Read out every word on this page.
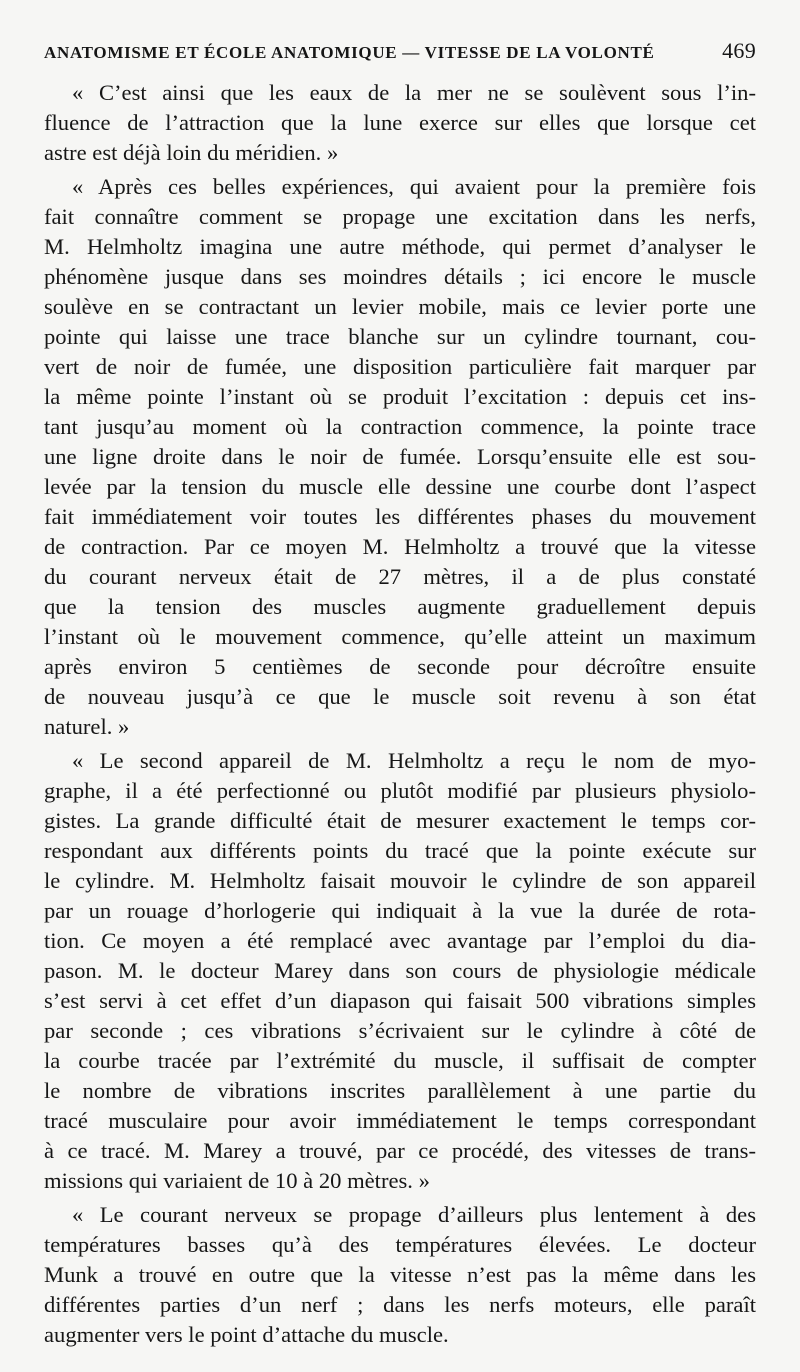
ANATOMISME ET ÉCOLE ANATOMIQUE — VITESSE DE LA VOLONTÉ	469
« C’est ainsi que les eaux de la mer ne se soulèvent sous l’in-
fluence de l’attraction que la lune exerce sur elles que lorsque cet
astre est déjà loin du méridien. »
« Après ces belles expériences, qui avaient pour la première fois
fait connaître comment se propage une excitation dans les nerfs,
M. Helmholtz imagina une autre méthode, qui permet d’analyser le
phénomène jusque dans ses moindres détails ; ici encore le muscle
soulève en se contractant un levier mobile, mais ce levier porte une
pointe qui laisse une trace blanche sur un cylindre tournant, cou-
vert de noir de fumée, une disposition particulière fait marquer par
la même pointe l’instant où se produit l’excitation : depuis cet ins-
tant jusqu’au moment où la contraction commence, la pointe trace
une ligne droite dans le noir de fumée. Lorsqu’ensuite elle est sou-
levée par la tension du muscle elle dessine une courbe dont l’aspect
fait immédiatement voir toutes les différentes phases du mouvement
de contraction. Par ce moyen M. Helmholtz a trouvé que la vitesse
du courant nerveux était de 27 mètres, il a de plus constaté
que la tension des muscles augmente graduellement depuis
l’instant où le mouvement commence, qu’elle atteint un maximum
après environ 5 centièmes de seconde pour décroître ensuite
de nouveau jusqu’à ce que le muscle soit revenu à son état
naturel. »
« Le second appareil de M. Helmholtz a reçu le nom de myo-
graphe, il a été perfectionné ou plutôt modifié par plusieurs physiolo-
gistes. La grande difficulté était de mesurer exactement le temps cor-
respondant aux différents points du tracé que la pointe exécute sur
le cylindre. M. Helmholtz faisait mouvoir le cylindre de son appareil
par un rouage d’horlogerie qui indiquait à la vue la durée de rota-
tion. Ce moyen a été remplacé avec avantage par l’emploi du dia-
pason. M. le docteur Marey dans son cours de physiologie médicale
s’est servi à cet effet d’un diapason qui faisait 500 vibrations simples
par seconde ; ces vibrations s’écrivaient sur le cylindre à côté de
la courbe tracée par l’extrémité du muscle, il suffisait de compter
le nombre de vibrations inscrites parallèlement à une partie du
tracé musculaire pour avoir immédiatement le temps correspondant
à ce tracé. M. Marey a trouvé, par ce procédé, des vitesses de trans-
missions qui variaient de 10 à 20 mètres. »
« Le courant nerveux se propage d’ailleurs plus lentement à des
températures basses qu’à des températures élevées. Le docteur
Munk a trouvé en outre que la vitesse n’est pas la même dans les
différentes parties d’un nerf ; dans les nerfs moteurs, elle paraît
augmenter vers le point d’attache du muscle.
